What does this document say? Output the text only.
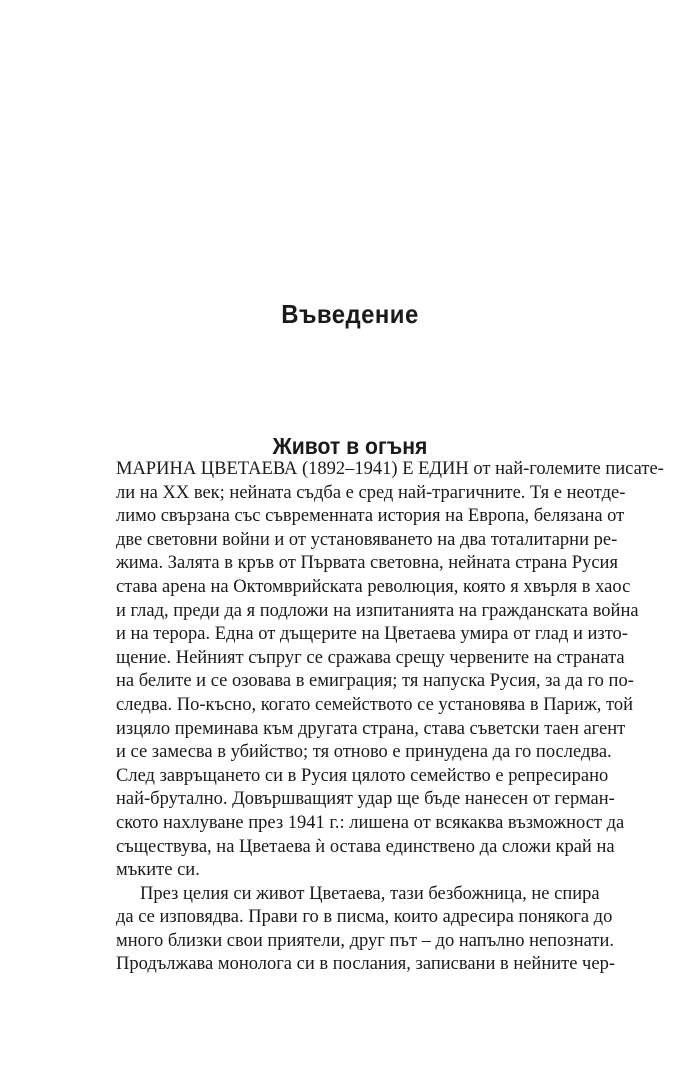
Въведение
Живот в огъня
МАРИНА ЦВЕТАЕВА (1892–1941) Е ЕДИН от най-големите писате-
ли на XX век; нейната съдба е сред най-трагичните. Тя е неотде-
лимо свързана със съвременната история на Европа, белязана от
две световни войни и от установяването на два тоталитарни ре-
жима. Залята в кръв от Първата световна, нейната страна Русия
става арена на Октомврийската революция, която я хвърля в хаос
и глад, преди да я подложи на изпитанията на гражданската война
и на терора. Една от дъщерите на Цветаева умира от глад и изто-
щение. Нейният съпруг се сражава срещу червените на страната
на белите и се озовава в емиграция; тя напуска Русия, за да го по-
следва. По-късно, когато семейството се установява в Париж, той
изцяло преминава към другата страна, става съветски таен агент
и се замесва в убийство; тя отново е принудена да го последва.
След завръщането си в Русия цялото семейство е репресирано
най-брутално. Довършващият удар ще бъде нанесен от герман-
ското нахлуване през 1941 г.: лишена от всякаква възможност да
съществува, на Цветаева ѝ остава единствено да сложи край на
мъките си.
През целия си живот Цветаева, тази безбожница, не спира
да се изповядва. Прави го в писма, които адресира понякога до
много близки свои приятели, друг път – до напълно непознати.
Продължава монолога си в послания, записвани в нейните чер-
